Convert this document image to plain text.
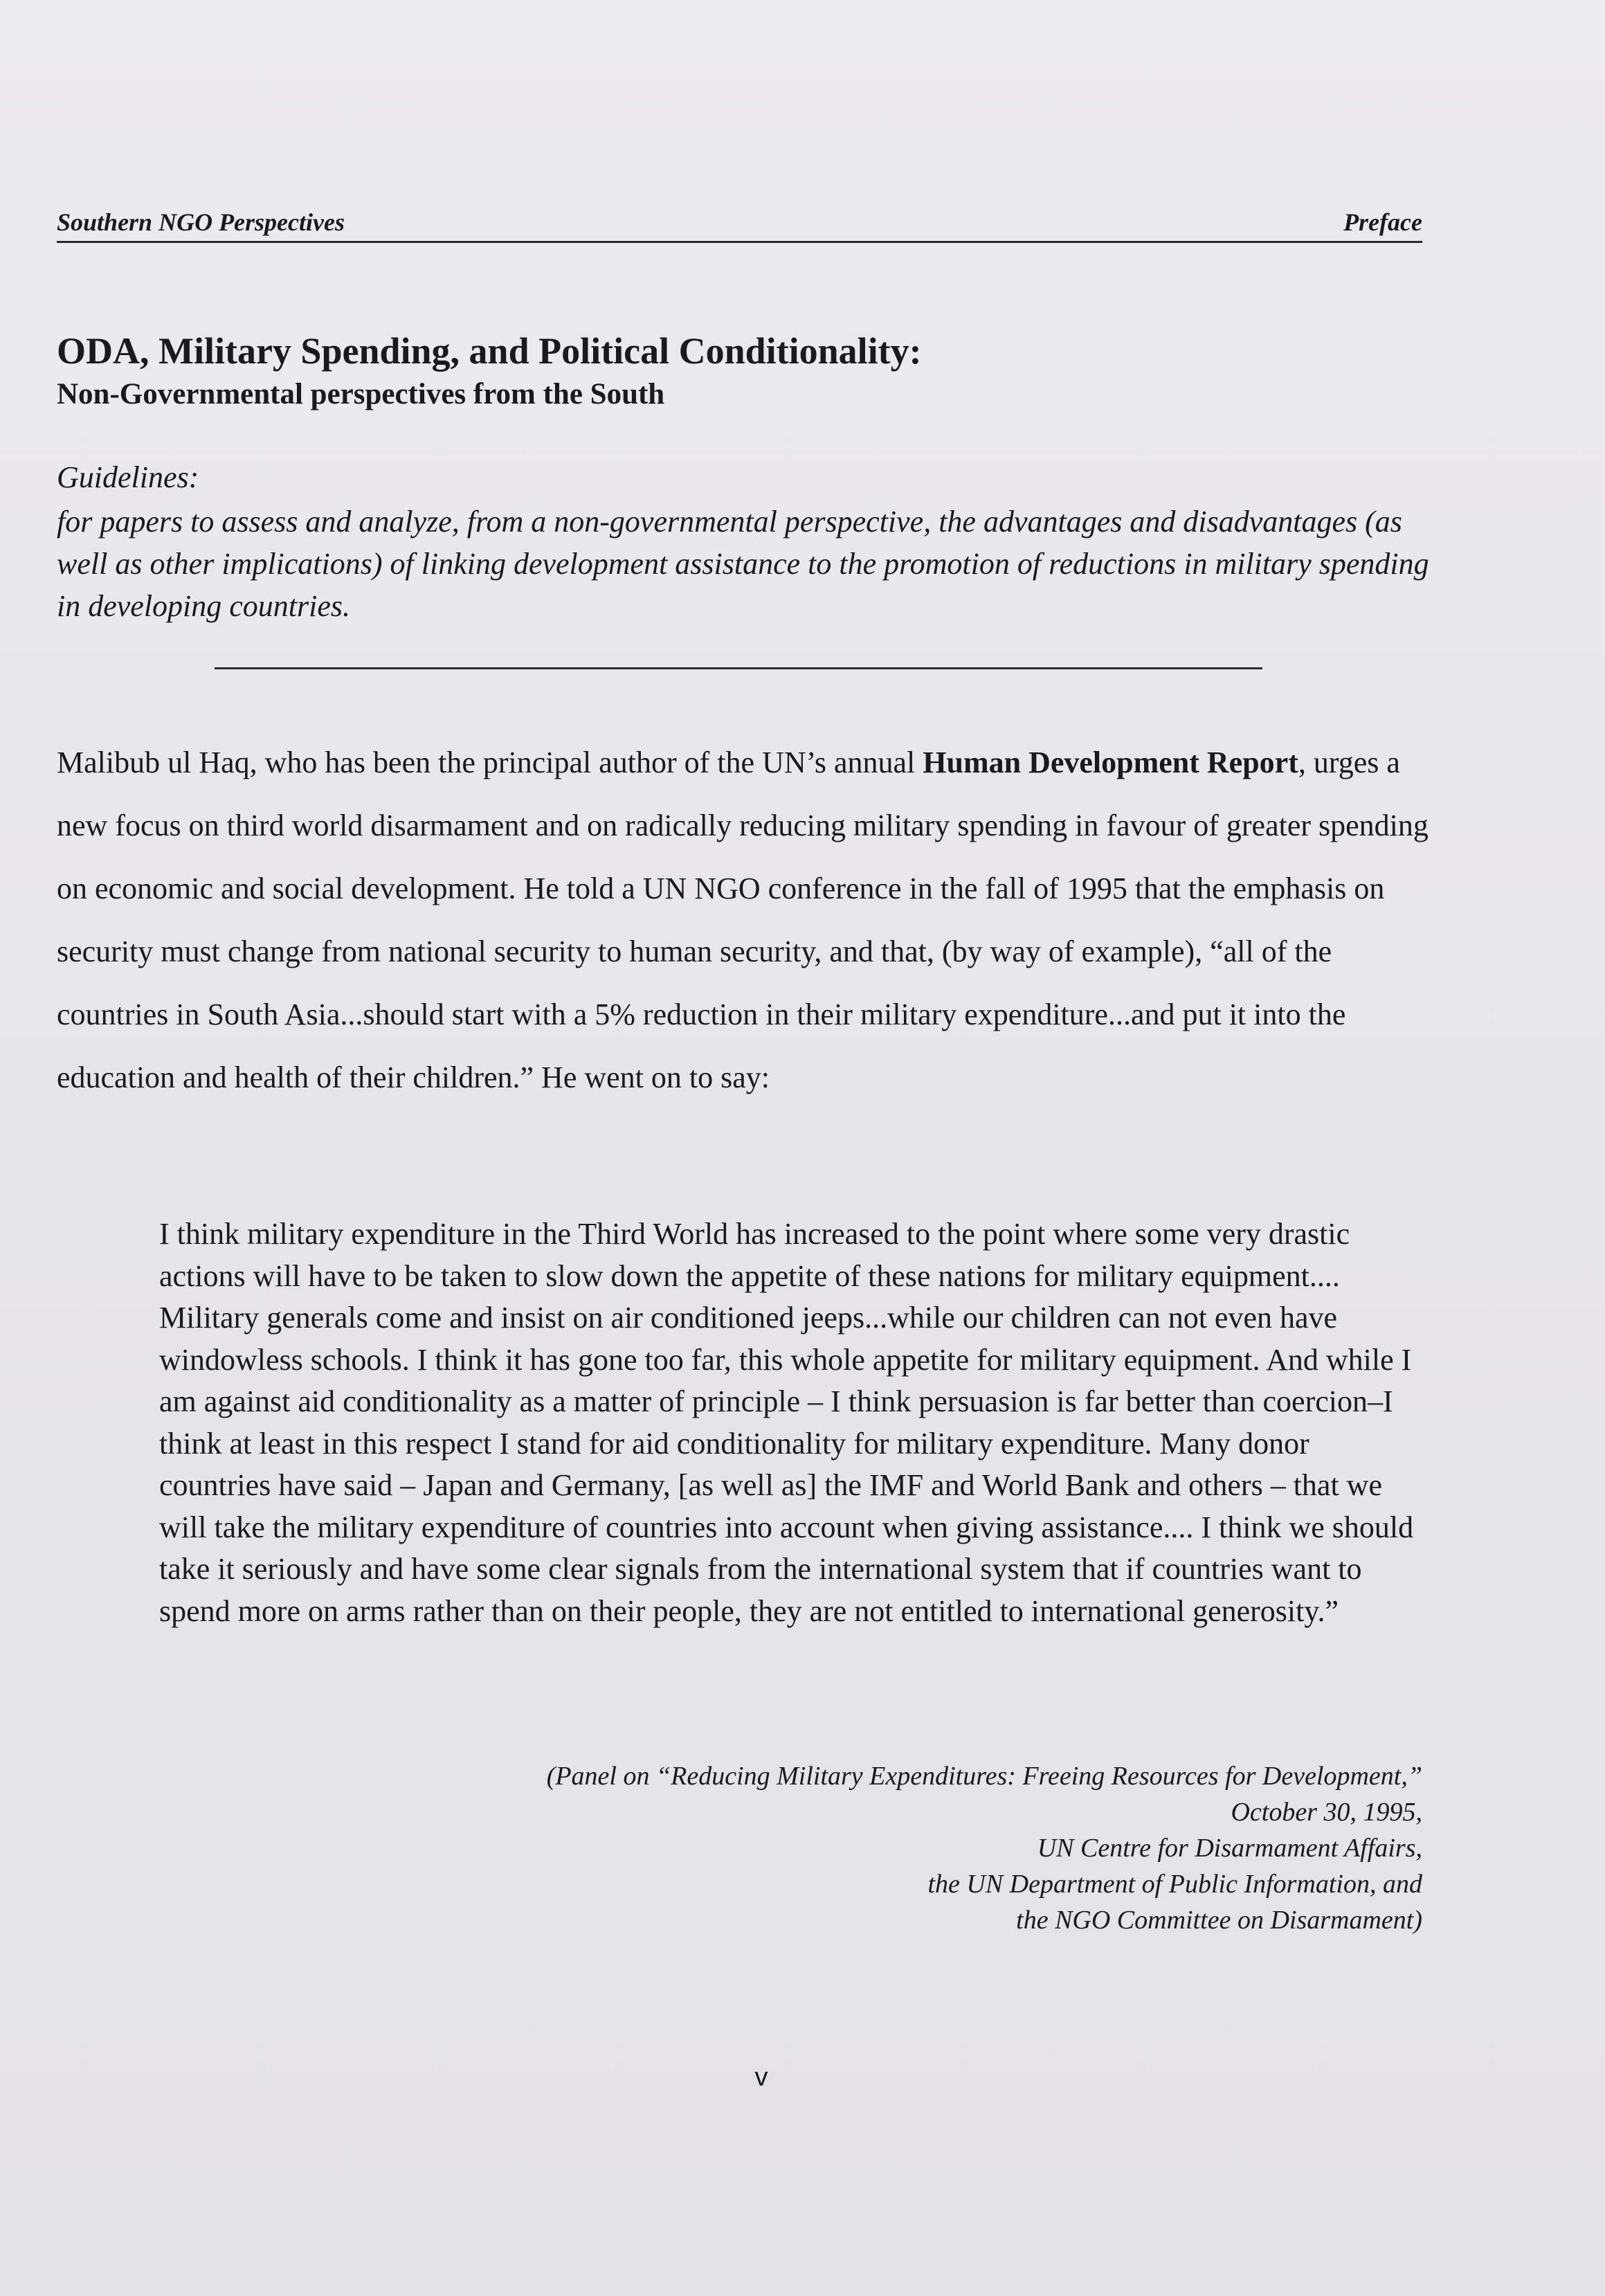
Southern NGO Perspectives	Preface
ODA, Military Spending, and Political Conditionality:
Non-Governmental perspectives from the South
Guidelines:
for papers to assess and analyze, from a non-governmental perspective, the advantages and disadvantages (as well as other implications) of linking development assistance to the promotion of reductions in military spending in developing countries.

Malibub ul Haq, who has been the principal author of the UN’s annual Human Development Report, urges a new focus on third world disarmament and on radically reducing military spending in favour of greater spending on economic and social development. He told a UN NGO conference in the fall of 1995 that the emphasis on security must change from national security to human security, and that, (by way of example), “all of the countries in South Asia...should start with a 5% reduction in their military expenditure...and put it into the education and health of their children.” He went on to say:

I think military expenditure in the Third World has increased to the point where some very drastic actions will have to be taken to slow down the appetite of these nations for military equipment.... Military generals come and insist on air conditioned jeeps...while our children can not even have windowless schools. I think it has gone too far, this whole appetite for military equipment. And while I am against aid conditionality as a matter of principle – I think persuasion is far better than coercion–I think at least in this respect I stand for aid conditionality for military expenditure. Many donor countries have said – Japan and Germany, [as well as] the IMF and World Bank and others – that we will take the military expenditure of countries into account when giving assistance.... I think we should take it seriously and have some clear signals from the international system that if countries want to spend more on arms rather than on their people, they are not entitled to international generosity.”
(Panel on “Reducing Military Expenditures: Freeing Resources for Development,”
October 30, 1995,
UN Centre for Disarmament Affairs,
the UN Department of Public Information, and
the NGO Committee on Disarmament)
v
